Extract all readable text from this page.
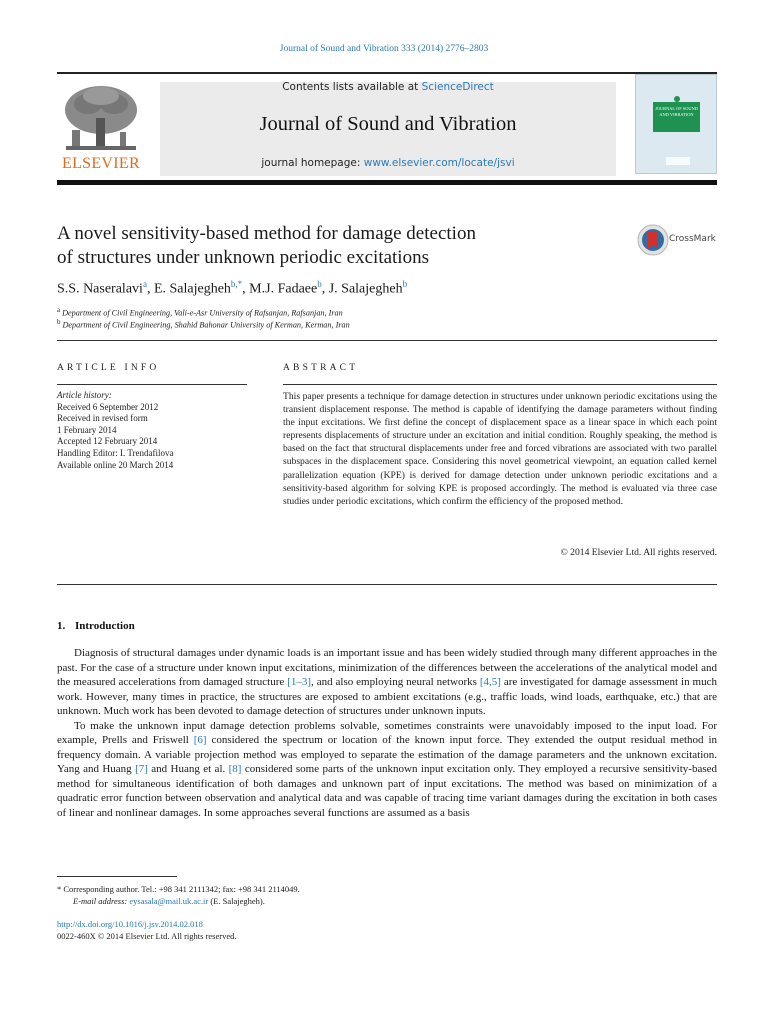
Journal of Sound and Vibration 333 (2014) 2776–2803
Contents lists available at ScienceDirect
Journal of Sound and Vibration
journal homepage: www.elsevier.com/locate/jsvi
ELSEVIER
JOURNAL OF SOUND AND VIBRATION
A novel sensitivity-based method for damage detection
of structures under unknown periodic excitations
CrossMark
S.S. Naseralavi$^a$, E. Salajegheh$^{b,*}$, M.J. Fadaee$^b$, J. Salajegheh$^b$
$^a$ Department of Civil Engineering, Vali-e-Asr University of Rafsanjan, Rafsanjan, Iran
$^b$ Department of Civil Engineering, Shahid Bahonar University of Kerman, Kerman, Iran
ARTICLE INFO	ABSTRACT
Article history:
Received 6 September 2012
Received in revised form
1 February 2014
Accepted 12 February 2014
Handling Editor: I. Trendafilova
Available online 20 March 2014
This paper presents a technique for damage detection in structures under unknown periodic excitations using the transient displacement response. The method is capable of identifying the damage parameters without finding the input excitations. We first define the concept of displacement space as a linear space in which each point represents displacements of structure under an excitation and initial condition. Roughly speaking, the method is based on the fact that structural displacements under free and forced vibrations are associated with two parallel subspaces in the displacement space. Considering this novel geometrical viewpoint, an equation called kernel parallelization equation (KPE) is derived for damage detection under unknown periodic excitations and a sensitivity-based algorithm for solving KPE is proposed accordingly. The method is evaluated via three case studies under periodic excitations, which confirm the efficiency of the proposed method.
© 2014 Elsevier Ltd. All rights reserved.
1. Introduction

Diagnosis of structural damages under dynamic loads is an important issue and has been widely studied through many different approaches in the past. For the case of a structure under known input excitations, minimization of the differences between the accelerations of the analytical model and the measured accelerations from damaged structure [1–3], and also employing neural networks [4,5] are investigated for damage assessment in much work. However, many times in practice, the structures are exposed to ambient excitations (e.g., traffic loads, wind loads, earthquake, etc.) that are unknown. Much work has been devoted to damage detection of structures under unknown inputs.

To make the unknown input damage detection problems solvable, sometimes constraints were unavoidably imposed to the input load. For example, Prells and Friswell [6] considered the spectrum or location of the known input force. They extended the output residual method in frequency domain. A variable projection method was employed to separate the estimation of the damage parameters and the unknown excitation. Yang and Huang [7] and Huang et al. [8] considered some parts of the unknown input excitation only. They employed a recursive sensitivity-based method for simultaneous identification of both damages and unknown part of input excitations. The method was based on minimization of a quadratic error function between observation and analytical data and was capable of tracing time variant damages during the excitation in both cases of linear and nonlinear damages. In some approaches several functions are assumed as a basis

* Corresponding author. Tel.: +98 341 2111342; fax: +98 341 2114049.
E-mail address: eysasala@mail.uk.ac.ir (E. Salajegheh).
http://dx.doi.org/10.1016/j.jsv.2014.02.018
0022-460X © 2014 Elsevier Ltd. All rights reserved.
